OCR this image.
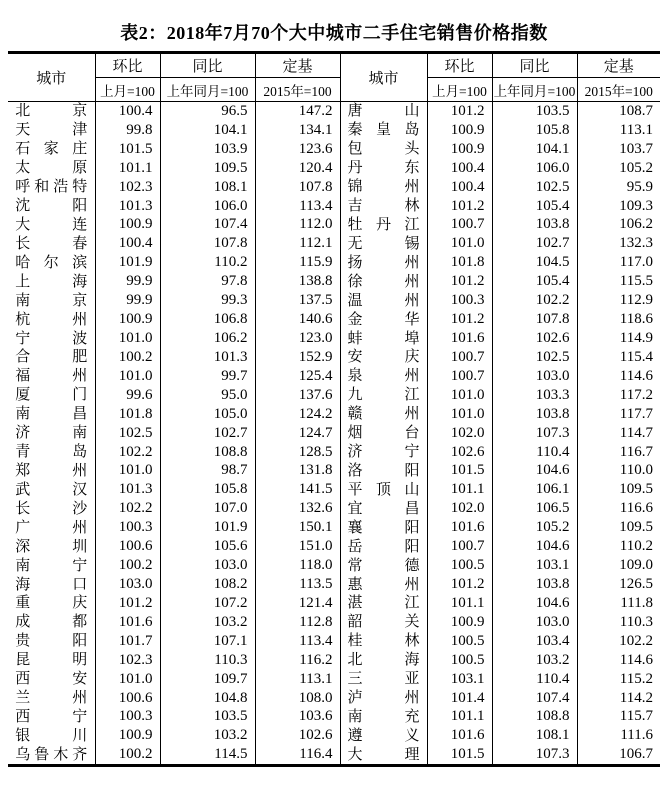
表2：2018年7月70个大中城市二手住宅销售价格指数
城市	环比	同比	定基	城市	环比	同比	定基
	上月=100	上年同月=100	2015年=100		上月=100	上年同月=100	2015年=100
北京	100.4	96.5	147.2	唐山	101.2	103.5	108.7
天津	99.8	104.1	134.1	秦皇岛	100.9	105.8	113.1
石家庄	101.5	103.9	123.6	包头	100.9	104.1	103.7
太原	101.1	109.5	120.4	丹东	100.4	106.0	105.2
呼和浩特	102.3	108.1	107.8	锦州	100.4	102.5	95.9
沈阳	101.3	106.0	113.4	吉林	101.2	105.4	109.3
大连	100.9	107.4	112.0	牡丹江	100.7	103.8	106.2
长春	100.4	107.8	112.1	无锡	101.0	102.7	132.3
哈尔滨	101.9	110.2	115.9	扬州	101.8	104.5	117.0
上海	99.9	97.8	138.8	徐州	101.2	105.4	115.5
南京	99.9	99.3	137.5	温州	100.3	102.2	112.9
杭州	100.9	106.8	140.6	金华	101.2	107.8	118.6
宁波	101.0	106.2	123.0	蚌埠	101.6	102.6	114.9
合肥	100.2	101.3	152.9	安庆	100.7	102.5	115.4
福州	101.0	99.7	125.4	泉州	100.7	103.0	114.6
厦门	99.6	95.0	137.6	九江	101.0	103.3	117.2
南昌	101.8	105.0	124.2	赣州	101.0	103.8	117.7
济南	102.5	102.7	124.7	烟台	102.0	107.3	114.7
青岛	102.2	108.8	128.5	济宁	102.6	110.4	116.7
郑州	101.0	98.7	131.8	洛阳	101.5	104.6	110.0
武汉	101.3	105.8	141.5	平顶山	101.1	106.1	109.5
长沙	102.2	107.0	132.6	宜昌	102.0	106.5	116.6
广州	100.3	101.9	150.1	襄阳	101.6	105.2	109.5
深圳	100.6	105.6	151.0	岳阳	100.7	104.6	110.2
南宁	100.2	103.0	118.0	常德	100.5	103.1	109.0
海口	103.0	108.2	113.5	惠州	101.2	103.8	126.5
重庆	101.2	107.2	121.4	湛江	101.1	104.6	111.8
成都	101.6	103.2	112.8	韶关	100.9	103.0	110.3
贵阳	101.7	107.1	113.4	桂林	100.5	103.4	102.2
昆明	102.3	110.3	116.2	北海	100.5	103.2	114.6
西安	101.0	109.7	113.1	三亚	103.1	110.4	115.2
兰州	100.6	104.8	108.0	泸州	101.4	107.4	114.2
西宁	100.3	103.5	103.6	南充	101.1	108.8	115.7
银川	100.9	103.2	102.6	遵义	101.6	108.1	111.6
乌鲁木齐	100.2	114.5	116.4	大理	101.5	107.3	106.7
